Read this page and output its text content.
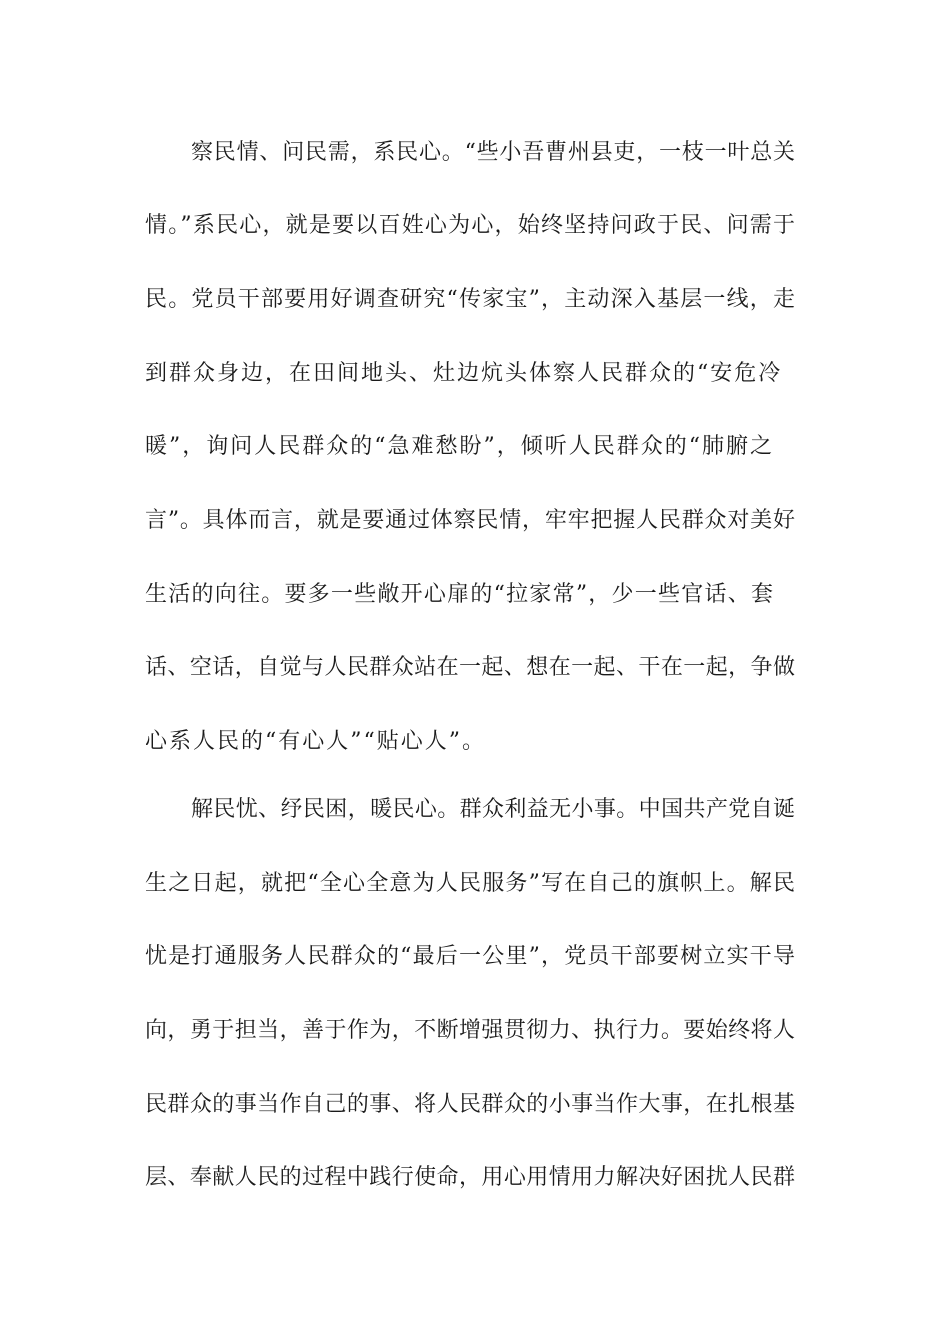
察民情、问民需，系民心。“些小吾曹州县吏，一枝一叶总关
情。”系民心，就是要以百姓心为心，始终坚持问政于民、问需于
民。党员干部要用好调查研究“传家宝”，主动深入基层一线，走
到群众身边，在田间地头、灶边炕头体察人民群众的“安危冷
暖”，询问人民群众的“急难愁盼”，倾听人民群众的“肺腑之
言”。具体而言，就是要通过体察民情，牢牢把握人民群众对美好
生活的向往。要多一些敞开心扉的“拉家常”，少一些官话、套
话、空话，自觉与人民群众站在一起、想在一起、干在一起，争做
心系人民的“有心人”“贴心人”。
解民忧、纾民困，暖民心。群众利益无小事。中国共产党自诞
生之日起，就把“全心全意为人民服务”写在自己的旗帜上。解民
忧是打通服务人民群众的“最后一公里”，党员干部要树立实干导
向，勇于担当，善于作为，不断增强贯彻力、执行力。要始终将人
民群众的事当作自己的事、将人民群众的小事当作大事，在扎根基
层、奉献人民的过程中践行使命，用心用情用力解决好困扰人民群
